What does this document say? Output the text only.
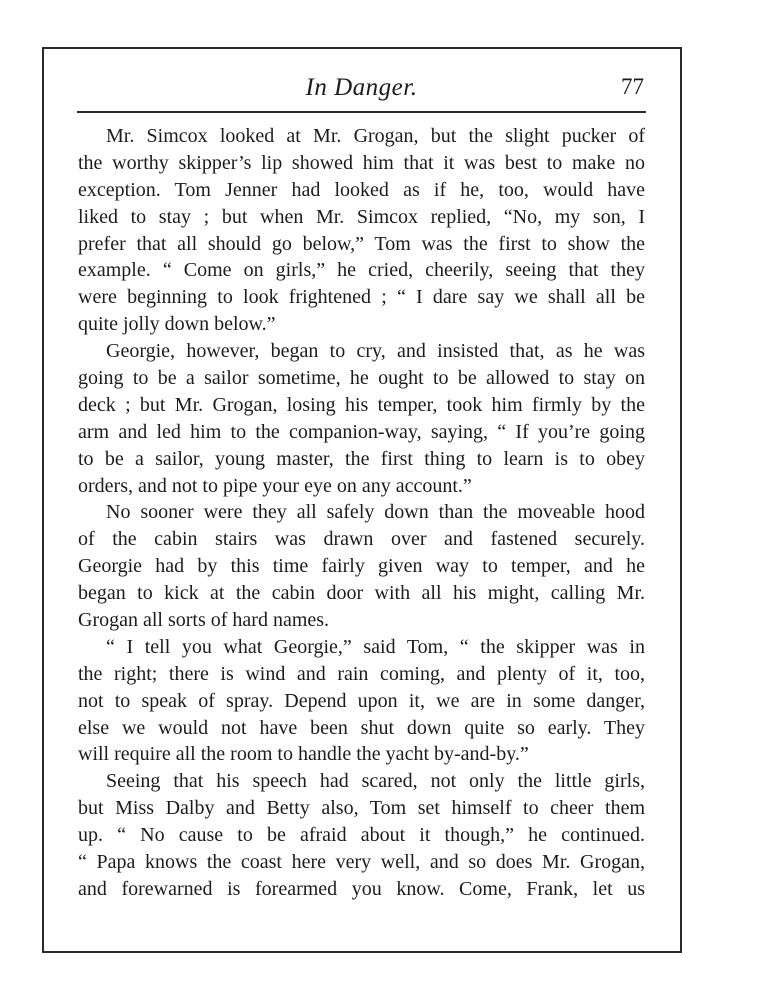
In Danger.	77
Mr. Simcox looked at Mr. Grogan, but the slight pucker of
the worthy skipper’s lip showed him that it was best to make no
exception. Tom Jenner had looked as if he, too, would have
liked to stay ; but when Mr. Simcox replied, “No, my son, I
prefer that all should go below,” Tom was the first to show the
example. “ Come on girls,” he cried, cheerily, seeing that they
were beginning to look frightened ; “ I dare say we shall all be
quite jolly down below.”
Georgie, however, began to cry, and insisted that, as he was
going to be a sailor sometime, he ought to be allowed to stay on
deck ; but Mr. Grogan, losing his temper, took him firmly by the
arm and led him to the companion-way, saying, “ If you’re going
to be a sailor, young master, the first thing to learn is to obey
orders, and not to pipe your eye on any account.”
No sooner were they all safely down than the moveable hood
of the cabin stairs was drawn over and fastened securely.
Georgie had by this time fairly given way to temper, and he
began to kick at the cabin door with all his might, calling Mr.
Grogan all sorts of hard names.
“ I tell you what Georgie,” said Tom, “ the skipper was in
the right; there is wind and rain coming, and plenty of it, too,
not to speak of spray. Depend upon it, we are in some danger,
else we would not have been shut down quite so early. They
will require all the room to handle the yacht by-and-by.”
Seeing that his speech had scared, not only the little girls,
but Miss Dalby and Betty also, Tom set himself to cheer them
up. “ No cause to be afraid about it though,” he continued.
“ Papa knows the coast here very well, and so does Mr. Grogan,
and forewarned is forearmed you know. Come, Frank, let us
